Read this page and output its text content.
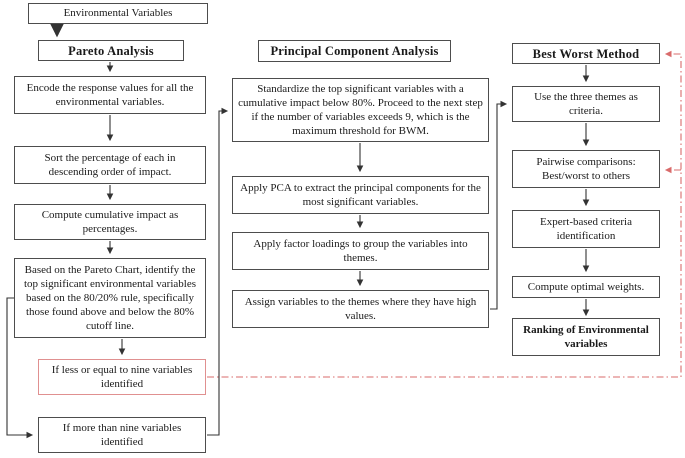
Environmental Variables
Pareto Analysis
Encode the response values for all the environmental variables.
Sort the percentage of each in descending order of impact.
Compute cumulative impact as percentages.
Based on the Pareto Chart, identify the top significant environmental variables based on the 80/20% rule, specifically those found above and below the 80% cutoff line.
If less or equal to nine variables identified
If more than nine variables identified
Principal Component Analysis
Standardize the top significant variables with a cumulative impact below 80%. Proceed to the next step if the number of variables exceeds 9, which is the maximum threshold for BWM.
Apply PCA to extract the principal components for the most significant variables.
Apply factor loadings to group the variables into themes.
Assign variables to the themes where they have high values.
Best Worst Method
Use the three themes as criteria.
Pairwise comparisons: Best/worst to others
Expert-based criteria identification
Compute optimal weights.
Ranking of Environmental variables
